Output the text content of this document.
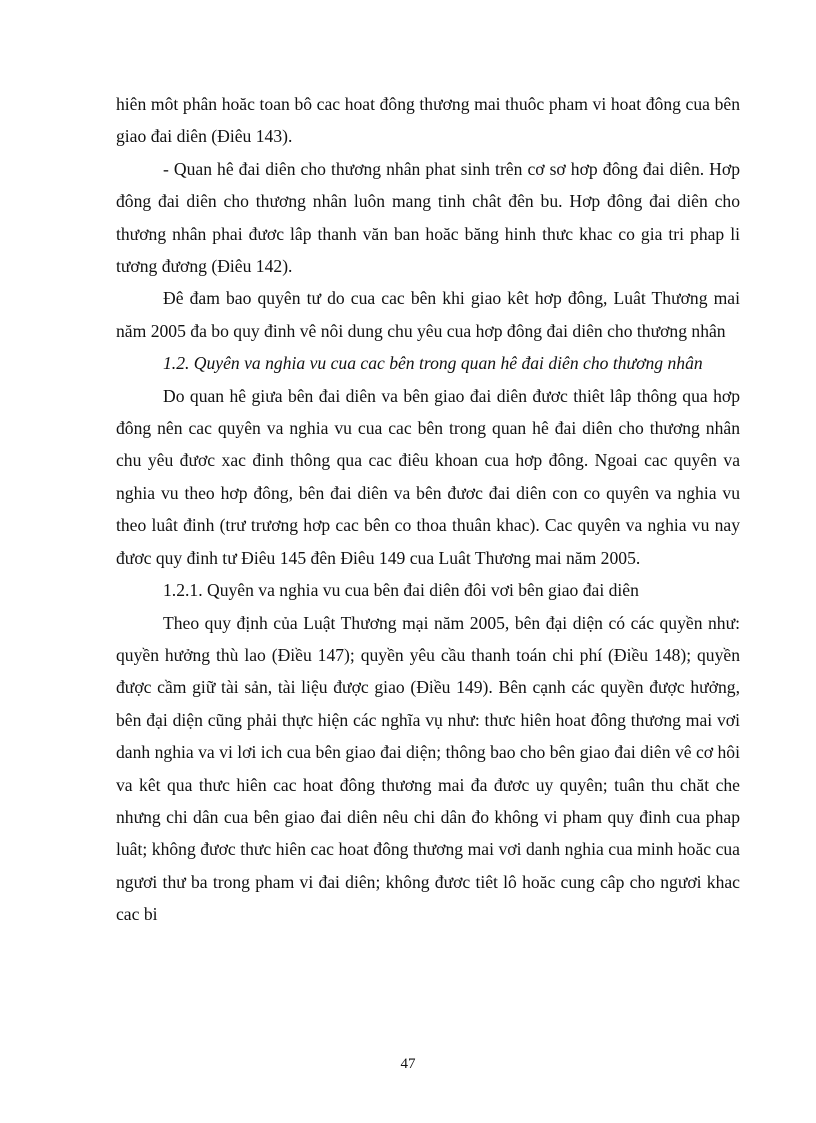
hiên môt phân hoăc toan bô cac hoat đông thương mai thuôc pham vi hoat đông cua bên giao đai diên (Điêu 143).

- Quan hê đai diên cho thương nhân phat sinh trên cơ sơ hơp đông đai diên. Hơp đông đai diên cho thương nhân luôn mang tinh chât đên bu. Hơp đông đai diên cho thương nhân phai đươc lâp thanh văn ban hoăc băng hinh thưc khac co gia tri phap li tương đương (Điêu 142).

Đê đam bao quyên tư do cua cac bên khi giao kêt hơp đông, Luât Thương mai năm 2005 đa bo quy đinh vê nôi dung chu yêu cua hơp đông đai diên cho thương nhân

1.2. Quyên va nghia vu cua cac bên trong quan hê đai diên cho thương nhân

Do quan hê giưa bên đai diên va bên giao đai diên đươc thiêt lâp thông qua hơp đông nên cac quyên va nghia vu cua cac bên trong quan hê đai diên cho thương nhân chu yêu đươc xac đinh thông qua cac điêu khoan cua hơp đông. Ngoai cac quyên va nghia vu theo hơp đông, bên đai diên va bên đươc đai diên con co quyên va nghia vu theo luât đinh (trư trương hơp cac bên co thoa thuân khac). Cac quyên va nghia vu nay đươc quy đinh tư Điêu 145 đên Điêu 149 cua Luât Thương mai năm 2005.

1.2.1. Quyên va nghia vu cua bên đai diên đôi vơi bên giao đai diên

Theo quy định của Luật Thương mại năm 2005, bên đại diện có các quyền như: quyền hưởng thù lao (Điều 147); quyền yêu cầu thanh toán chi phí (Điều 148); quyền được cầm giữ tài sản, tài liệu được giao (Điều 149). Bên cạnh các quyền được hưởng, bên đại diện cũng phải thực hiện các nghĩa vụ như: thưc hiên hoat đông thương mai vơi danh nghia va vi lơi ich cua bên giao đai diện; thông bao cho bên giao đai diên vê cơ hôi va kêt qua thưc hiên cac hoat đông thương mai đa đươc uy quyên; tuân thu chăt che nhưng chi dân cua bên giao đai diên nêu chi dân đo không vi pham quy đinh cua phap luât; không đươc thưc hiên cac hoat đông thương mai vơi danh nghia cua minh hoăc cua ngươi thư ba trong pham vi đai diên; không đươc tiêt lô hoăc cung câp cho ngươi khac cac bi

47
